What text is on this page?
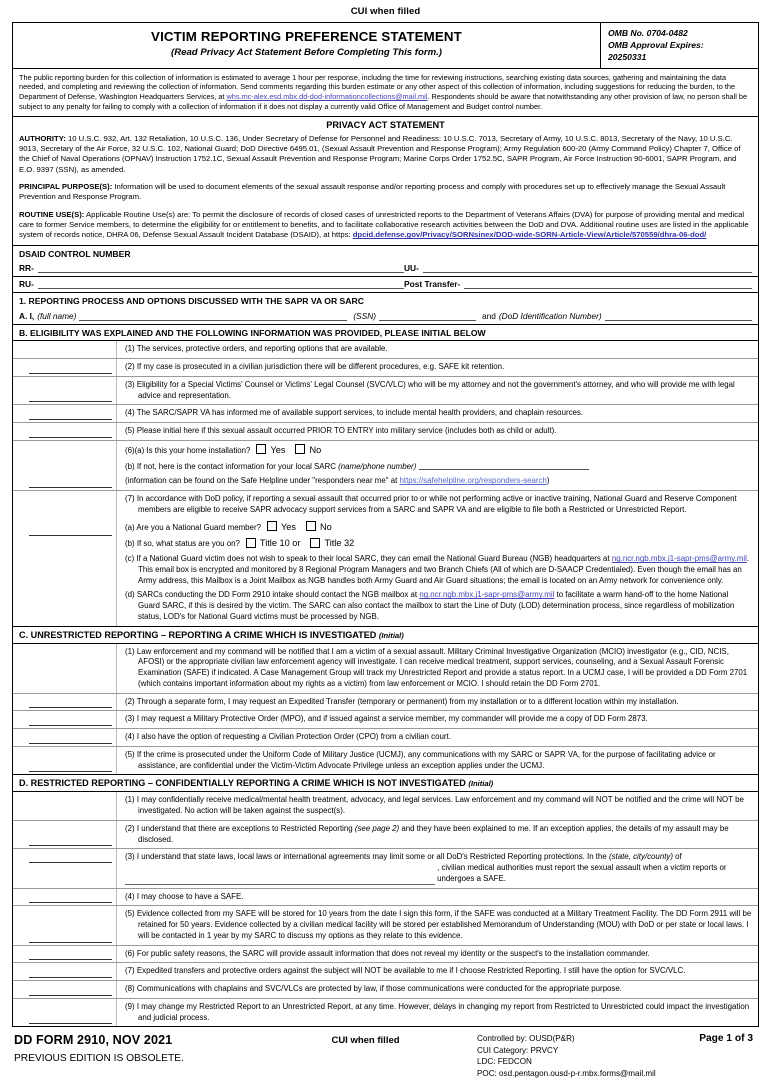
CUI when filled
VICTIM REPORTING PREFERENCE STATEMENT
(Read Privacy Act Statement Before Completing This form.)
OMB No. 0704-0482
OMB Approval Expires:
20250331
The public reporting burden for this collection of information is estimated to average 1 hour per response, including the time for reviewing instructions, searching existing data sources, gathering and maintaining the data needed, and completing and reviewing the collection of information. Send comments regarding this burden estimate or any other aspect of this collection of information, including suggestions for reducing the burden, to the Department of Defense, Washington Headquarters Services, at whs.mc-alex.esd.mbx.dd-dod-informationcollections@mail.mil. Respondents should be aware that notwithstanding any other provision of law, no person shall be subject to any penalty for failing to comply with a collection of information if it does not display a currently valid Office of Management and Budget control number.
PRIVACY ACT STATEMENT
AUTHORITY: 10 U.S.C. 932, Art. 132 Retaliation, 10 U.S.C. 136, Under Secretary of Defense for Personnel and Readiness: 10 U.S.C. 7013, Secretary of Army, 10 U.S.C. 8013, Secretary of the Navy, 10 U.S.C. 9013, Secretary of the Air Force, 32 U.S.C. 102, National Guard; DoD Directive 6495.01, (Sexual Assault Prevention and Response Program); Army Regulation 600-20 (Army Command Policy) Chapter 7, Office of the Chief of Naval Operations (OPNAV) Instruction 1752.1C, Sexual Assault Prevention and Response Program; Marine Corps Order 1752.5C, SAPR Program, Air Force Instruction 90-6001, SAPR Program, and E.O. 9397 (SSN), as amended.
PRINCIPAL PURPOSE(S): Information will be used to document elements of the sexual assault response and/or reporting process and comply with procedures set up to effectively manage the Sexual Assault Prevention and Response Program.
ROUTINE USE(S): Applicable Routine Use(s) are: To permit the disclosure of records of closed cases of unrestricted reports to the Department of Veterans Affairs (DVA) for purpose of providing mental and medical care to former Service members, to determine the eligibility for or entitlement to benefits, and to facilitate collaborative research activities between the DoD and DVA. Additional routine uses are listed in the applicable system of records notice, DHRA 06, Defense Sexual Assault Incident Database (DSAID), at https: dpcid.defense.gov/Privacy/SORNsinex/DOD-wide-SORN-Article-View/Article/570559/dhra-06-dod/
DSAID CONTROL NUMBER
RR-	UU-
RU-	Post Transfer-
1. REPORTING PROCESS AND OPTIONS DISCUSSED WITH THE SAPR VA OR SARC
A. I, (full name)	(SSN)	and (DoD Identification Number)
B. ELIGIBILITY WAS EXPLAINED AND THE FOLLOWING INFORMATION WAS PROVIDED, PLEASE INITIAL BELOW
(1) The services, protective orders, and reporting options that are available.
(2) If my case is prosecuted in a civilian jurisdiction there will be different procedures, e.g. SAFE kit retention.
(3) Eligibility for a Special Victims' Counsel or Victims' Legal Counsel (SVC/VLC) who will be my attorney and not the government's attorney, and who will provide me with legal advice and representation.
(4) The SARC/SAPR VA has informed me of available support services, to include mental health providers, and chaplain resources.
(5) Please initial here if this sexual assault occurred PRIOR TO ENTRY into military service (includes both as child or adult).
(6)(a) Is this your home installation? Yes	No
(b) If not, here is the contact information for your local SARC (name/phone number)
(information can be found on the Safe Helpline under "responders near me" at https://safehelpline.org/responders-search)
(7) In accordance with DoD policy, if reporting a sexual assault that occurred prior to or while not performing active or inactive training, National Guard and Reserve Component members are eligible to receive SAPR advocacy support services from a SARC and SAPR VA and are eligible to file both a Restricted or Unrestricted Report.
(a) Are you a National Guard member? Yes	No
(b) If so, what status are you on? Title 10 or	Title 32
(c) If a National Guard victim does not wish to speak to their local SARC, they can email the National Guard Bureau (NGB) headquarters at ng.ncr.ngb.mbx.j1-sapr-pms@army.mil. This email box is encrypted and monitored by 8 Regional Program Managers and two Branch Chiefs (All of which are D-SAACP Credentialed). Even though the email has an Army address, this Mailbox is a Joint Mailbox as NGB handles both Army Guard and Air Guard situations; the email is located on an Army network for convenience only.
(d) SARCs conducting the DD Form 2910 intake should contact the NGB mailbox at ng.ncr.ngb.mbx.j1-sapr-pms@army.mil to facilitate a warm hand-off to the home National Guard SARC, if this is desired by the victim. The SARC can also contact the mailbox to start the Line of Duty (LOD) determination process, since regardless of mobilization status, LOD's for National Guard victims must be processed by NGB.
C. UNRESTRICTED REPORTING – REPORTING A CRIME WHICH IS INVESTIGATED (Initial)
(1) Law enforcement and my command will be notified that I am a victim of a sexual assault. Military Criminal Investigative Organization (MCIO) investigator (e.g., CID, NCIS, AFOSI) or the appropriate civilian law enforcement agency will investigate. I can receive medical treatment, support services, counseling, and a Sexual Assault Forensic Examination (SAFE) if indicated. A Case Management Group will track my Unrestricted Report and provide a status report. In a UCMJ case, I will be provided a DD Form 2701 (which contains important information about my rights as a victim) from law enforcement or MCIO. I should retain the DD Form 2701.
(2) Through a separate form, I may request an Expedited Transfer (temporary or permanent) from my installation or to a different location within my installation.
(3) I may request a Military Protective Order (MPO), and if issued against a service member, my commander will provide me a copy of DD Form 2873.
(4) I also have the option of requesting a Civilian Protection Order (CPO) from a civilian court.
(5) If the crime is prosecuted under the Uniform Code of Military Justice (UCMJ), any communications with my SARC or SAPR VA, for the purpose of facilitating advice or assistance, are confidential under the Victim-Victim Advocate Privilege unless an exception applies under the UCMJ.
D. RESTRICTED REPORTING – CONFIDENTIALLY REPORTING A CRIME WHICH IS NOT INVESTIGATED (Initial)
(1) I may confidentially receive medical/mental health treatment, advocacy, and legal services. Law enforcement and my command will NOT be notified and the crime will NOT be investigated. No action will be taken against the suspect(s).
(2) I understand that there are exceptions to Restricted Reporting (see page 2) and they have been explained to me. If an exception applies, the details of my assault may be disclosed.
(3) I understand that state laws, local laws or international agreements may limit some or all DoD's Restricted Reporting protections. In the (state, city/county) of
, civilian medical authorities must report the sexual assault when a victim reports or undergoes a SAFE.
(4) I may choose to have a SAFE.
(5) Evidence collected from my SAFE will be stored for 10 years from the date I sign this form, if the SAFE was conducted at a Military Treatment Facility. The DD Form 2911 will be retained for 50 years. Evidence collected by a civilian medical facility will be stored per established Memorandum of Understanding (MOU) with DoD or per state or local laws. I will be contacted in 1 year by my SARC to discuss my options as they relate to this evidence.
(6) For public safety reasons, the SARC will provide assault information that does not reveal my identity or the suspect's to the installation commander.
(7) Expedited transfers and protective orders against the subject will NOT be available to me if I choose Restricted Reporting. I still have the option for SVC/VLC.
(8) Communications with chaplains and SVC/VLCs are protected by law, if those communications were conducted for the appropriate purpose.
(9) I may change my Restricted Report to an Unrestricted Report, at any time. However, delays in changing my report from Restricted to Unrestricted could impact the investigation and judicial process.
DD FORM 2910, NOV 2021
PREVIOUS EDITION IS OBSOLETE.
CUI when filled	Page 1 of 3
Controlled by: OUSD(P&R)
CUI Category: PRVCY
LDC: FEDCON
POC: osd.pentagon.ousd-p-r.mbx.forms@mail.mil
